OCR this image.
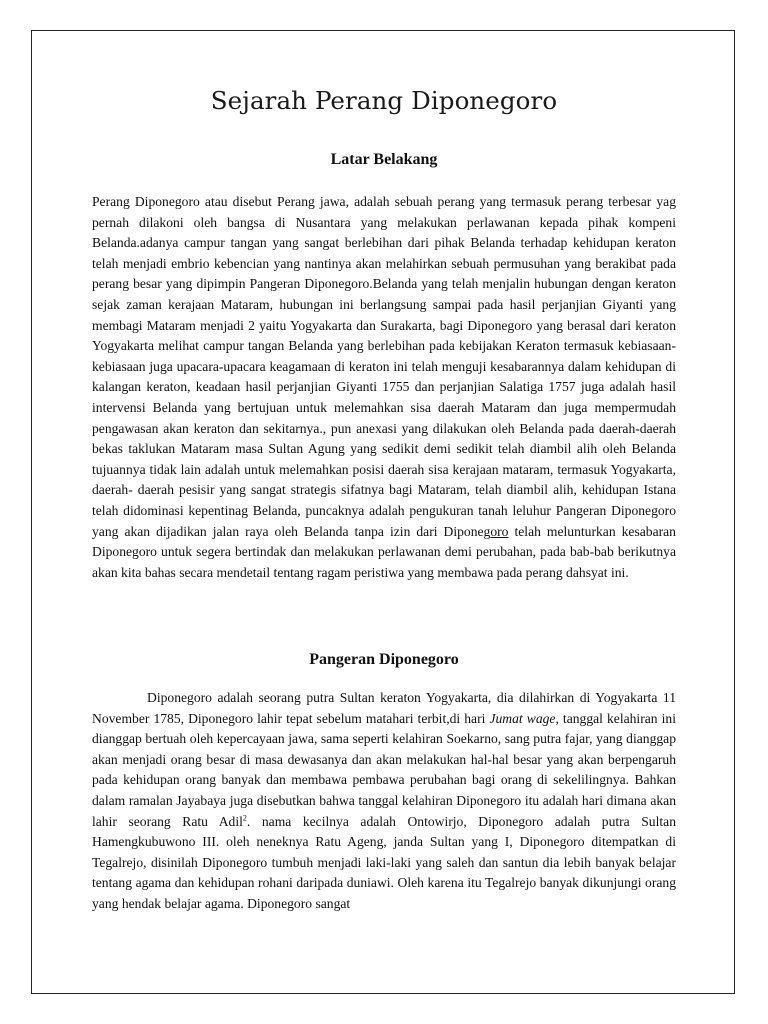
Sejarah Perang Diponegoro
Latar Belakang

Perang Diponegoro atau disebut Perang jawa, adalah sebuah perang yang termasuk perang terbesar yag pernah dilakoni oleh bangsa di Nusantara yang melakukan perlawanan kepada pihak kompeni Belanda.adanya campur tangan yang sangat berlebihan dari pihak Belanda terhadap kehidupan keraton telah menjadi embrio kebencian yang nantinya akan melahirkan sebuah permusuhan yang berakibat pada perang besar yang dipimpin Pangeran Diponegoro.Belanda yang telah menjalin hubungan dengan keraton sejak zaman kerajaan Mataram, hubungan ini berlangsung sampai pada hasil perjanjian Giyanti yang membagi Mataram menjadi 2 yaitu Yogyakarta dan Surakarta, bagi Diponegoro yang berasal dari keraton Yogyakarta melihat campur tangan Belanda yang berlebihan pada kebijakan Keraton termasuk kebiasaan-kebiasaan juga upacara-upacara keagamaan di keraton ini telah menguji kesabarannya dalam kehidupan di kalangan keraton, keadaan hasil perjanjian Giyanti 1755 dan perjanjian Salatiga 1757 juga adalah hasil intervensi Belanda yang bertujuan untuk melemahkan sisa daerah Mataram dan juga mempermudah pengawasan akan keraton dan sekitarnya., pun anexasi yang dilakukan oleh Belanda pada daerah-daerah bekas taklukan Mataram masa Sultan Agung yang sedikit demi sedikit telah diambil alih oleh Belanda tujuannya tidak lain adalah untuk melemahkan posisi daerah sisa kerajaan mataram, termasuk Yogyakarta, daerah- daerah pesisir yang sangat strategis sifatnya bagi Mataram, telah diambil alih, kehidupan Istana telah didominasi kepentinag Belanda, puncaknya adalah pengukuran tanah leluhur Pangeran Diponegoro yang akan dijadikan jalan raya oleh Belanda tanpa izin dari Diponegoro telah melunturkan kesabaran Diponegoro untuk segera bertindak dan melakukan perlawanan demi perubahan, pada bab-bab berikutnya akan kita bahas secara mendetail tentang ragam peristiwa yang membawa pada perang dahsyat ini.

Pangeran Diponegoro

Diponegoro adalah seorang putra Sultan keraton Yogyakarta, dia dilahirkan di Yogyakarta 11 November 1785, Diponegoro lahir tepat sebelum matahari terbit,di hari Jumat wage, tanggal kelahiran ini dianggap bertuah oleh kepercayaan jawa, sama seperti kelahiran Soekarno, sang putra fajar, yang dianggap akan menjadi orang besar di masa dewasanya dan akan melakukan hal-hal besar yang akan berpengaruh pada kehidupan orang banyak dan membawa pembawa perubahan bagi orang di sekelilingnya. Bahkan dalam ramalan Jayabaya juga disebutkan bahwa tanggal kelahiran Diponegoro itu adalah hari dimana akan lahir seorang Ratu Adil$^2$. nama kecilnya adalah Ontowirjo, Diponegoro adalah putra Sultan Hamengkubuwono III. oleh neneknya Ratu Ageng, janda Sultan yang I, Diponegoro ditempatkan di Tegalrejo, disinilah Diponegoro tumbuh menjadi laki-laki yang saleh dan santun dia lebih banyak belajar tentang agama dan kehidupan rohani daripada duniawi. Oleh karena itu Tegalrejo banyak dikunjungi orang yang hendak belajar agama. Diponegoro sangat
